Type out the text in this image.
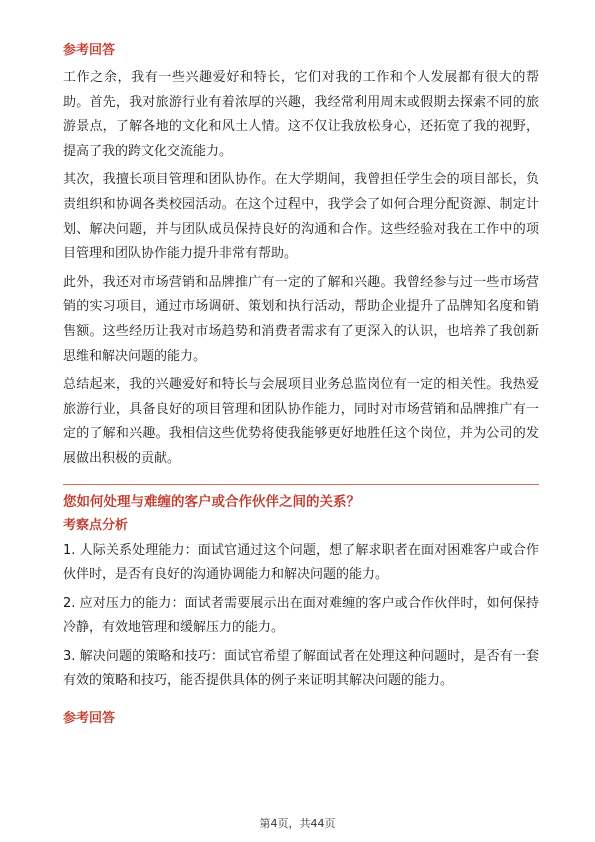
参考回答

工作之余，我有一些兴趣爱好和特长，它们对我的工作和个人发展都有很大的帮助。首先，我对旅游行业有着浓厚的兴趣，我经常利用周末或假期去探索不同的旅游景点，了解各地的文化和风土人情。这不仅让我放松身心，还拓宽了我的视野，提高了我的跨文化交流能力。

其次，我擅长项目管理和团队协作。在大学期间，我曾担任学生会的项目部长，负责组织和协调各类校园活动。在这个过程中，我学会了如何合理分配资源、制定计划、解决问题，并与团队成员保持良好的沟通和合作。这些经验对我在工作中的项目管理和团队协作能力提升非常有帮助。

此外，我还对市场营销和品牌推广有一定的了解和兴趣。我曾经参与过一些市场营销的实习项目，通过市场调研、策划和执行活动，帮助企业提升了品牌知名度和销售额。这些经历让我对市场趋势和消费者需求有了更深入的认识，也培养了我创新思维和解决问题的能力。

总结起来，我的兴趣爱好和特长与会展项目业务总监岗位有一定的相关性。我热爱旅游行业，具备良好的项目管理和团队协作能力，同时对市场营销和品牌推广有一定的了解和兴趣。我相信这些优势将使我能够更好地胜任这个岗位，并为公司的发展做出积极的贡献。

您如何处理与难缠的客户或合作伙伴之间的关系？

考察点分析

1. 人际关系处理能力：面试官通过这个问题，想了解求职者在面对困难客户或合作伙伴时，是否有良好的沟通协调能力和解决问题的能力。

2. 应对压力的能力：面试者需要展示出在面对难缠的客户或合作伙伴时，如何保持冷静，有效地管理和缓解压力的能力。

3. 解决问题的策略和技巧：面试官希望了解面试者在处理这种问题时，是否有一套有效的策略和技巧，能否提供具体的例子来证明其解决问题的能力。

参考回答

第4页，共44页
